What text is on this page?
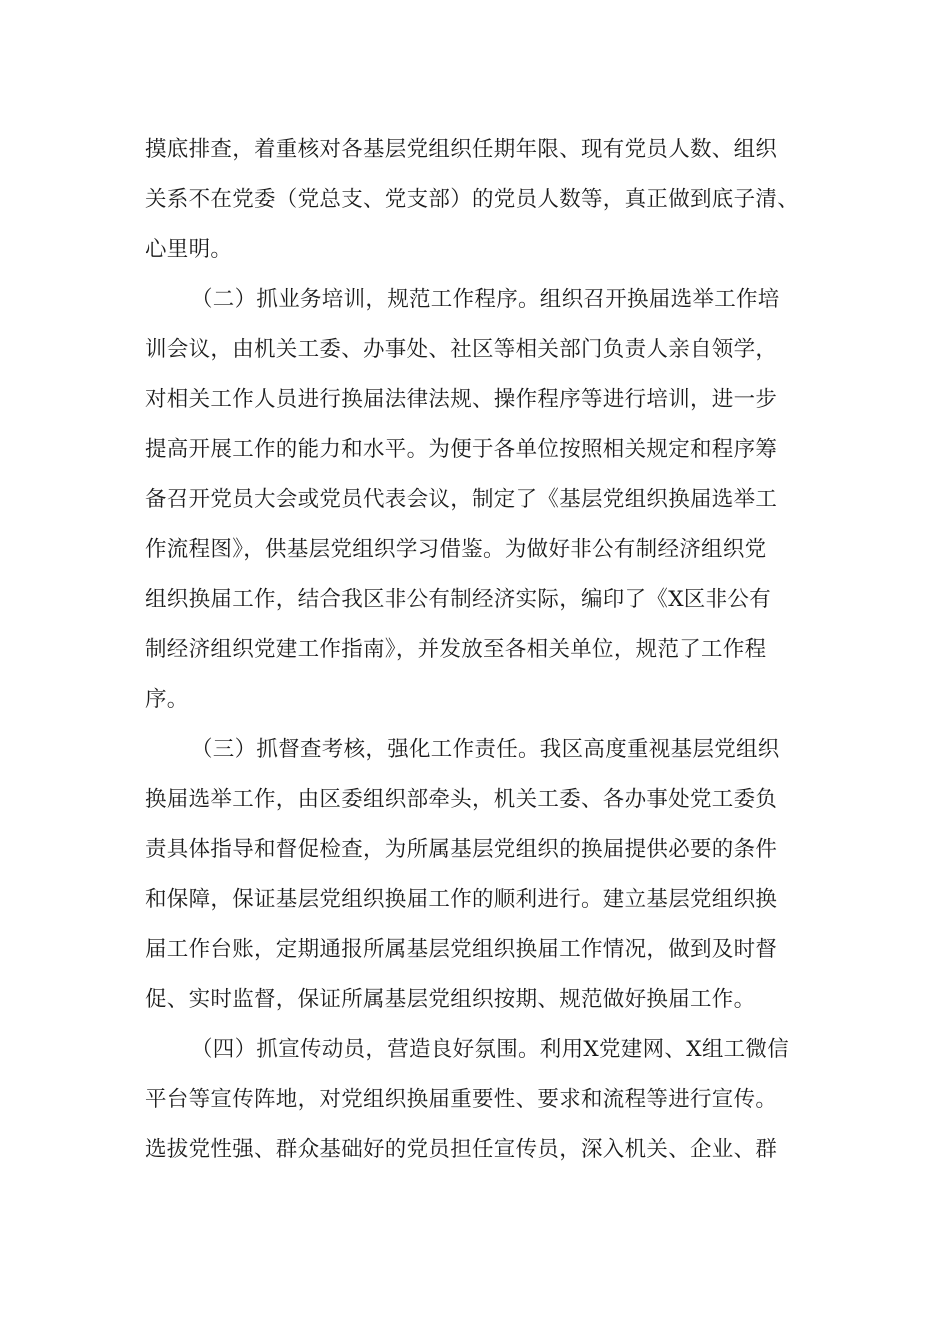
摸底排查，着重核对各基层党组织任期年限、现有党员人数、组织
关系不在党委（党总支、党支部）的党员人数等，真正做到底子清、
心里明。
（二）抓业务培训，规范工作程序。组织召开换届选举工作培
训会议，由机关工委、办事处、社区等相关部门负责人亲自领学，
对相关工作人员进行换届法律法规、操作程序等进行培训，进一步
提高开展工作的能力和水平。为便于各单位按照相关规定和程序筹
备召开党员大会或党员代表会议，制定了《基层党组织换届选举工
作流程图》，供基层党组织学习借鉴。为做好非公有制经济组织党
组织换届工作，结合我区非公有制经济实际，编印了《X区非公有
制经济组织党建工作指南》，并发放至各相关单位，规范了工作程
序。
（三）抓督查考核，强化工作责任。我区高度重视基层党组织
换届选举工作，由区委组织部牵头，机关工委、各办事处党工委负
责具体指导和督促检查，为所属基层党组织的换届提供必要的条件
和保障，保证基层党组织换届工作的顺利进行。建立基层党组织换
届工作台账，定期通报所属基层党组织换届工作情况，做到及时督
促、实时监督，保证所属基层党组织按期、规范做好换届工作。
（四）抓宣传动员，营造良好氛围。利用X党建网、X组工微信
平台等宣传阵地，对党组织换届重要性、要求和流程等进行宣传。
选拔党性强、群众基础好的党员担任宣传员，深入机关、企业、群
